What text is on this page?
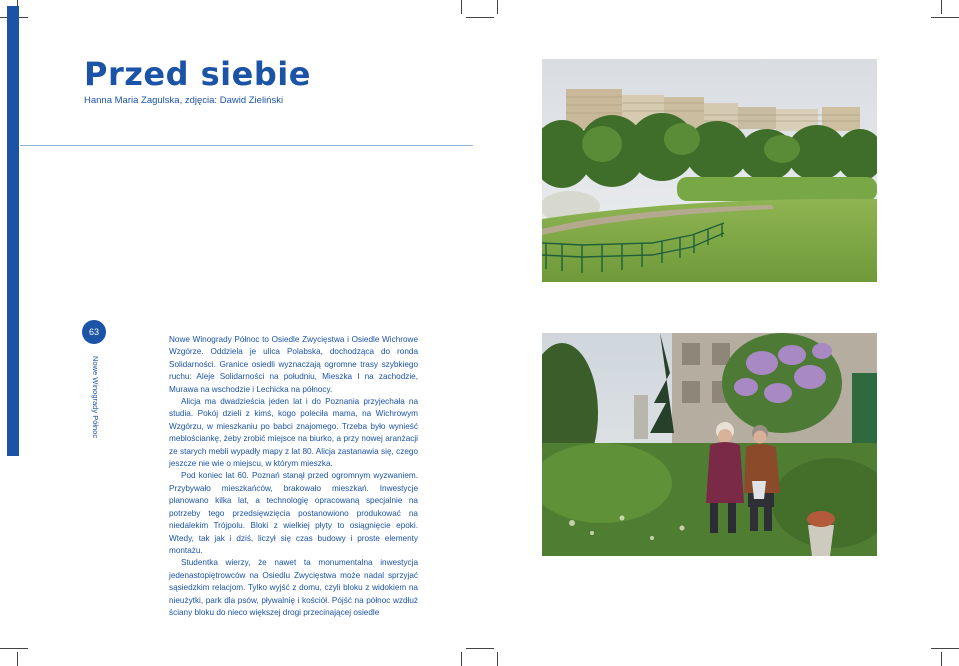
Przed siebie
Hanna Maria Zagulska, zdjęcia: Dawid Zieliński
63
Nowe Winogrady Północ

Nowe Winogrady Północ to Osiedle Zwycięstwa i Osiedle Wichrowe Wzgórze. Oddziela je ulica Polabska, dochodząca do ronda Solidarności. Granice osiedli wyznaczają ogromne trasy szybkiego ruchu: Aleje Solidarności na południu, Mieszka I na zachodzie, Murawa na wschodzie i Lechicka na północy.

Alicja ma dwadzieścia jeden lat i do Poznania przyjechała na studia. Pokój dzieli z kimś, kogo poleciła mama, na Wichrowym Wzgórzu, w mieszkaniu po babci znajomego. Trzeba było wynieść meblościankę, żeby zrobić miejsce na biurko, a przy nowej aranżacji ze starych mebli wypadły mapy z lat 80. Alicja zastanawia się, czego jeszcze nie wie o miejscu, w którym mieszka.

Pod koniec lat 60. Poznań stanął przed ogromnym wyzwaniem. Przybywało mieszkańców, brakowało mieszkań. Inwestycje planowano kilka lat, a technologię opracowaną specjalnie na potrzeby tego przedsięwzięcia postanowiono produkować na niedalekim Trójpolu. Bloki z wielkiej płyty to osiągnięcie epoki. Wtedy, tak jak i dziś, liczył się czas budowy i proste elementy montażu.

Studentka wierzy, że nawet ta monumentalna inwestycja jedenastopiętrowców na Osiedlu Zwycięstwa może nadal sprzyjać sąsiedzkim relacjom. Tylko wyjść z domu, czyli bloku z widokiem na nieużytki, park dla psów, pływalnię i kościół. Pójść na północ wzdłuż ściany bloku do nieco większej drogi przecinającej osiedle
